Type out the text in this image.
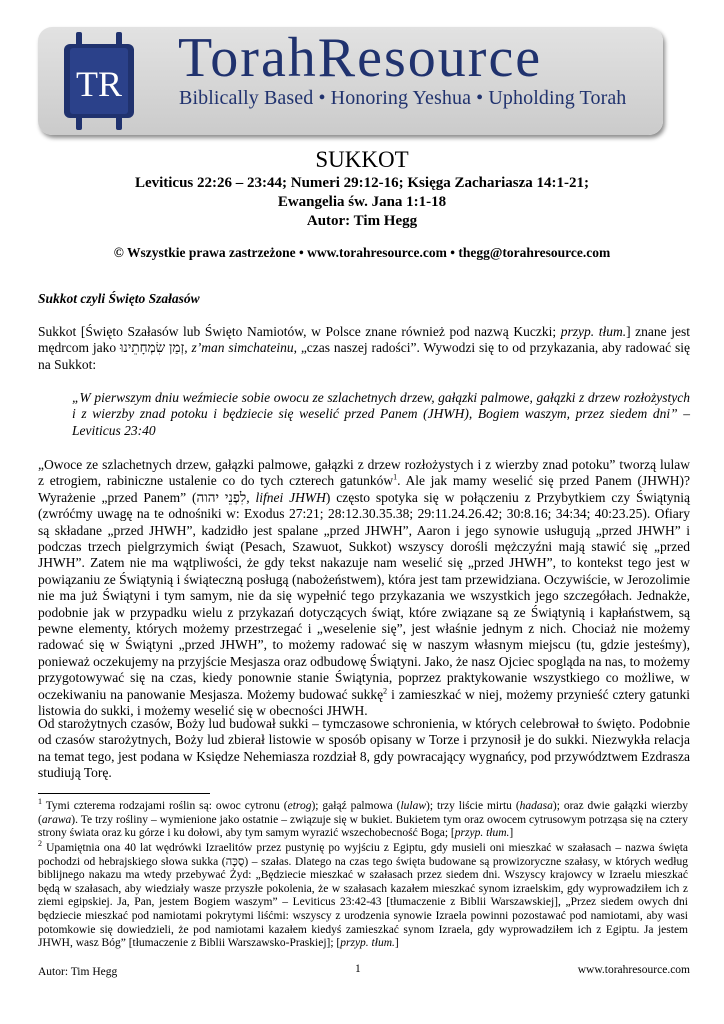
TR TorahResource
Biblically Based • Honoring Yeshua • Upholding Torah
SUKKOT
Leviticus 22:26 – 23:44; Numeri 29:12-16; Księga Zachariasza 14:1-21;
Ewangelia św. Jana 1:1-18
Autor: Tim Hegg
© Wszystkie prawa zastrzeżone • www.torahresource.com • thegg@torahresource.com
Sukkot czyli Święto Szałasów
Sukkot [Święto Szałasów lub Święto Namiotów, w Polsce znane również pod nazwą Kuczki; przyp. tłum.] znane jest mędrcom jako זְמַן שִׂמְחָתֵינוּ, z’man simchateinu, „czas naszej radości”. Wywodzi się to od przykazania, aby radować się na Sukkot:
„W pierwszym dniu weźmiecie sobie owocu ze szlachetnych drzew, gałązki palmowe, gałązki z drzew rozłożystych i z wierzby znad potoku i będziecie się weselić przed Panem (JHWH), Bogiem waszym, przez siedem dni” – Leviticus 23:40
„Owoce ze szlachetnych drzew, gałązki palmowe, gałązki z drzew rozłożystych i z wierzby znad potoku” tworzą lulaw z etrogiem, rabiniczne ustalenie co do tych czterech gatunków$^1$. Ale jak mamy weselić się przed Panem (JHWH)? Wyrażenie „przed Panem” (לִפְנֵי יהוה, lifnei JHWH) często spotyka się w połączeniu z Przybytkiem czy Świątynią (zwróćmy uwagę na te odnośniki w: Exodus 27:21; 28:12.30.35.38; 29:11.24.26.42; 30:8.16; 34:34; 40:23.25). Ofiary są składane „przed JHWH”, kadzidło jest spalane „przed JHWH”, Aaron i jego synowie usługują „przed JHWH” i podczas trzech pielgrzymich świąt (Pesach, Szawuot, Sukkot) wszyscy dorośli mężczyźni mają stawić się „przed JHWH”. Zatem nie ma wątpliwości, że gdy tekst nakazuje nam weselić się „przed JHWH”, to kontekst tego jest w powiązaniu ze Świątynią i świąteczną posługą (nabożeństwem), która jest tam przewidziana. Oczywiście, w Jerozolimie nie ma już Świątyni i tym samym, nie da się wypełnić tego przykazania we wszystkich jego szczegółach. Jednakże, podobnie jak w przypadku wielu z przykazań dotyczących świąt, które związane są ze Świątynią i kapłaństwem, są pewne elementy, których możemy przestrzegać i „weselenie się”, jest właśnie jednym z nich. Chociaż nie możemy radować się w Świątyni „przed JHWH”, to możemy radować się w naszym własnym miejscu (tu, gdzie jesteśmy), ponieważ oczekujemy na przyjście Mesjasza oraz odbudowę Świątyni. Jako, że nasz Ojciec spogląda na nas, to możemy przygotowywać się na czas, kiedy ponownie stanie Świątynia, poprzez praktykowanie wszystkiego co możliwe, w oczekiwaniu na panowanie Mesjasza. Możemy budować sukkę$^2$ i zamieszkać w niej, możemy przynieść cztery gatunki listowia do sukki, i możemy weselić się w obecności JHWH.
Od starożytnych czasów, Boży lud budował sukki – tymczasowe schronienia, w których celebrował to święto. Podobnie od czasów starożytnych, Boży lud zbierał listowie w sposób opisany w Torze i przynosił je do sukki. Niezwykła relacja na temat tego, jest podana w Księdze Nehemiasza rozdział 8, gdy powracający wygnańcy, pod przywództwem Ezdrasza studiują Torę.
$^1$ Tymi czterema rodzajami roślin są: owoc cytronu (etrog); gałąź palmowa (lulaw); trzy liście mirtu (hadasa); oraz dwie gałązki wierzby (arawa). Te trzy rośliny – wymienione jako ostatnie – związuje się w bukiet. Bukietem tym oraz owocem cytrusowym potrząsa się na cztery strony świata oraz ku górze i ku dołowi, aby tym samym wyrazić wszechobecność Boga; [przyp. tłum.]
$^2$ Upamiętnia ona 40 lat wędrówki Izraelitów przez pustynię po wyjściu z Egiptu, gdy musieli oni mieszkać w szałasach – nazwa święta pochodzi od hebrajskiego słowa sukka (סֻכָּה) – szałas. Dlatego na czas tego święta budowane są prowizoryczne szałasy, w których według biblijnego nakazu ma wtedy przebywać Żyd: „Będziecie mieszkać w szałasach przez siedem dni. Wszyscy krajowcy w Izraelu mieszkać będą w szałasach, aby wiedziały wasze przyszłe pokolenia, że w szałasach kazałem mieszkać synom izraelskim, gdy wyprowadziłem ich z ziemi egipskiej. Ja, Pan, jestem Bogiem waszym” – Leviticus 23:42-43 [tłumaczenie z Biblii Warszawskiej], „Przez siedem owych dni będziecie mieszkać pod namiotami pokrytymi liśćmi: wszyscy z urodzenia synowie Izraela powinni pozostawać pod namiotami, aby wasi potomkowie się dowiedzieli, że pod namiotami kazałem kiedyś zamieszkać synom Izraela, gdy wyprowadziłem ich z Egiptu. Ja jestem JHWH, wasz Bóg” [tłumaczenie z Biblii Warszawsko-Praskiej]; [przyp. tłum.]
Autor: Tim Hegg	1	www.torahresource.com
